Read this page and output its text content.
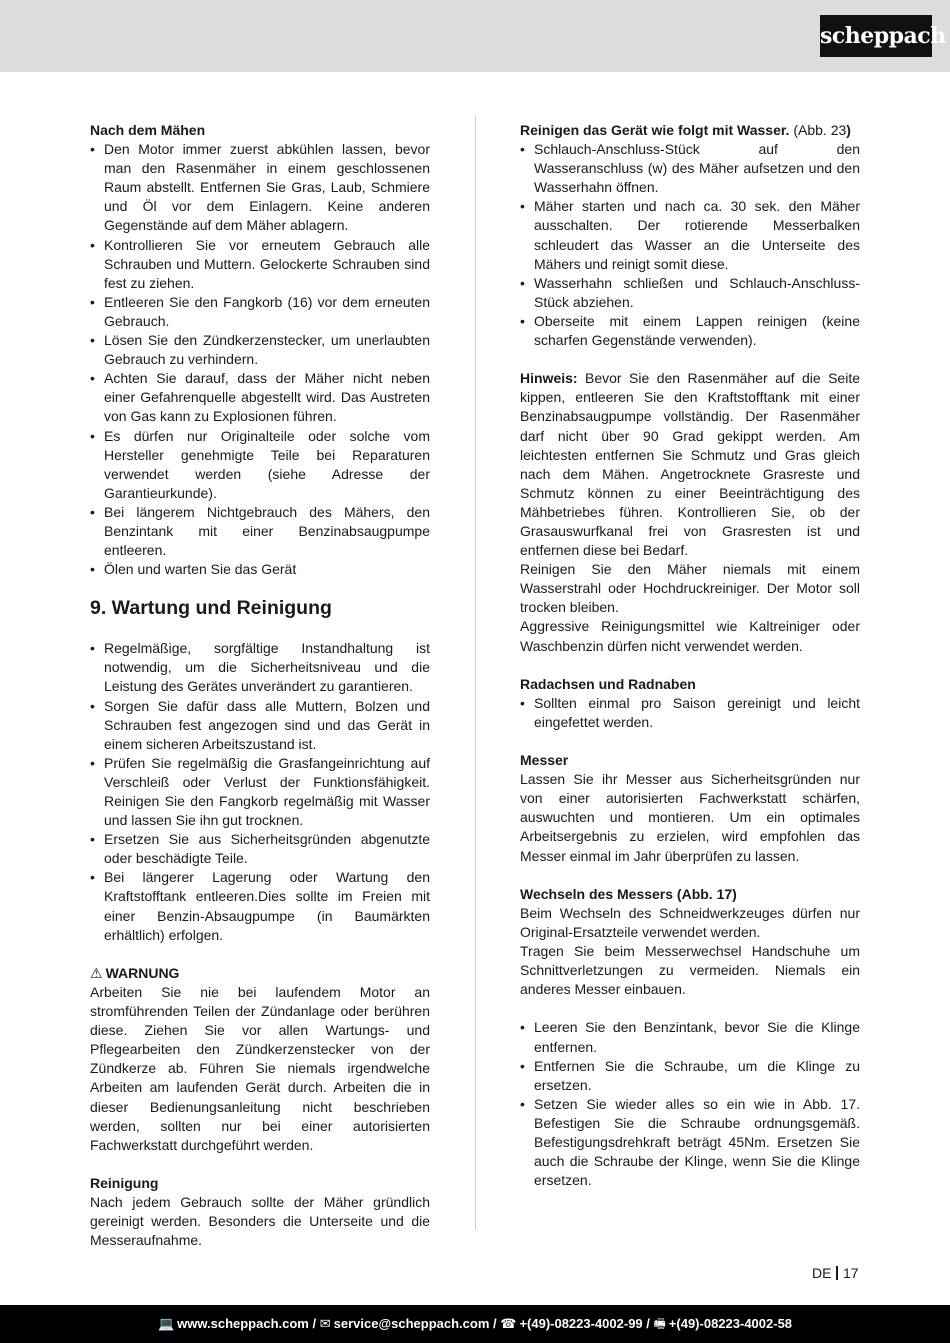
scheppach
Nach dem Mähen
• Den Motor immer zuerst abkühlen lassen, bevor man den Rasenmäher in einem geschlossenen Raum abstellt. Entfernen Sie Gras, Laub, Schmiere und Öl vor dem Einlagern. Keine anderen Gegenstände auf dem Mäher ablagern.
• Kontrollieren Sie vor erneutem Gebrauch alle Schrauben und Muttern. Gelockerte Schrauben sind fest zu ziehen.
• Entleeren Sie den Fangkorb (16) vor dem erneuten Gebrauch.
• Lösen Sie den Zündkerzenstecker, um unerlaubten Gebrauch zu verhindern.
• Achten Sie darauf, dass der Mäher nicht neben einer Gefahrenquelle abgestellt wird. Das Austreten von Gas kann zu Explosionen führen.
• Es dürfen nur Originalteile oder solche vom Hersteller genehmigte Teile bei Reparaturen verwendet werden (siehe Adresse der Garantieurkunde).
• Bei längerem Nichtgebrauch des Mähers, den Benzintank mit einer Benzinabsaugpumpe entleeren.
• Ölen und warten Sie das Gerät
9. Wartung und Reinigung
• Regelmäßige, sorgfältige Instandhaltung ist notwendig, um die Sicherheitsniveau und die Leistung des Gerätes unverändert zu garantieren.
• Sorgen Sie dafür dass alle Muttern, Bolzen und Schrauben fest angezogen sind und das Gerät in einem sicheren Arbeitszustand ist.
• Prüfen Sie regelmäßig die Grasfangeinrichtung auf Verschleiß oder Verlust der Funktionsfähigkeit. Reinigen Sie den Fangkorb regelmäßig mit Wasser und lassen Sie ihn gut trocknen.
• Ersetzen Sie aus Sicherheitsgründen abgenutzte oder beschädigte Teile.
• Bei längerer Lagerung oder Wartung den Kraftstofftank entleeren.Dies sollte im Freien mit einer Benzin-Absaugpumpe (in Baumärkten erhältlich) erfolgen.
⚠ WARNUNG
Arbeiten Sie nie bei laufendem Motor an stromführenden Teilen der Zündanlage oder berühren diese. Ziehen Sie vor allen Wartungs- und Pflegearbeiten den Zündkerzenstecker von der Zündkerze ab. Führen Sie niemals irgendwelche Arbeiten am laufenden Gerät durch. Arbeiten die in dieser Bedienungsanleitung nicht beschrieben werden, sollten nur bei einer autorisierten Fachwerkstatt durchgeführt werden.
Reinigung
Nach jedem Gebrauch sollte der Mäher gründlich gereinigt werden. Besonders die Unterseite und die Messeraufnahme.
Reinigen das Gerät wie folgt mit Wasser. (Abb. 23)
• Schlauch-Anschluss-Stück auf den Wasseranschluss (w) des Mäher aufsetzen und den Wasserhahn öffnen.
• Mäher starten und nach ca. 30 sek. den Mäher ausschalten. Der rotierende Messerbalken schleudert das Wasser an die Unterseite des Mähers und reinigt somit diese.
• Wasserhahn schließen und Schlauch-Anschluss-Stück abziehen.
• Oberseite mit einem Lappen reinigen (keine scharfen Gegenstände verwenden).
Hinweis: Bevor Sie den Rasenmäher auf die Seite kippen, entleeren Sie den Kraftstofftank mit einer Benzinabsaugpumpe vollständig. Der Rasenmäher darf nicht über 90 Grad gekippt werden. Am leichtesten entfernen Sie Schmutz und Gras gleich nach dem Mähen. Angetrocknete Grasreste und Schmutz können zu einer Beeinträchtigung des Mähbetriebes führen. Kontrollieren Sie, ob der Grasauswurfkanal frei von Grasresten ist und entfernen diese bei Bedarf.
Reinigen Sie den Mäher niemals mit einem Wasserstrahl oder Hochdruckreiniger. Der Motor soll trocken bleiben.
Aggressive Reinigungsmittel wie Kaltreiniger oder Waschbenzin dürfen nicht verwendet werden.
Radachsen und Radnaben
• Sollten einmal pro Saison gereinigt und leicht eingefettet werden.
Messer
Lassen Sie ihr Messer aus Sicherheitsgründen nur von einer autorisierten Fachwerkstatt schärfen, auswuchten und montieren. Um ein optimales Arbeitsergebnis zu erzielen, wird empfohlen das Messer einmal im Jahr überprüfen zu lassen.
Wechseln des Messers (Abb. 17)
Beim Wechseln des Schneidwerkzeuges dürfen nur Original-Ersatzteile verwendet werden.
Tragen Sie beim Messerwechsel Handschuhe um Schnittverletzungen zu vermeiden. Niemals ein anderes Messer einbauen.
• Leeren Sie den Benzintank, bevor Sie die Klinge entfernen.
• Entfernen Sie die Schraube, um die Klinge zu ersetzen.
• Setzen Sie wieder alles so ein wie in Abb. 17. Befestigen Sie die Schraube ordnungsgemäß. Befestigungsdrehkraft beträgt 45Nm. Ersetzen Sie auch die Schraube der Klinge, wenn Sie die Klinge ersetzen.
DE 17
💻 www.scheppach.com / ✉ service@scheppach.com / ☎ +(49)-08223-4002-99 / 🖷 +(49)-08223-4002-58
